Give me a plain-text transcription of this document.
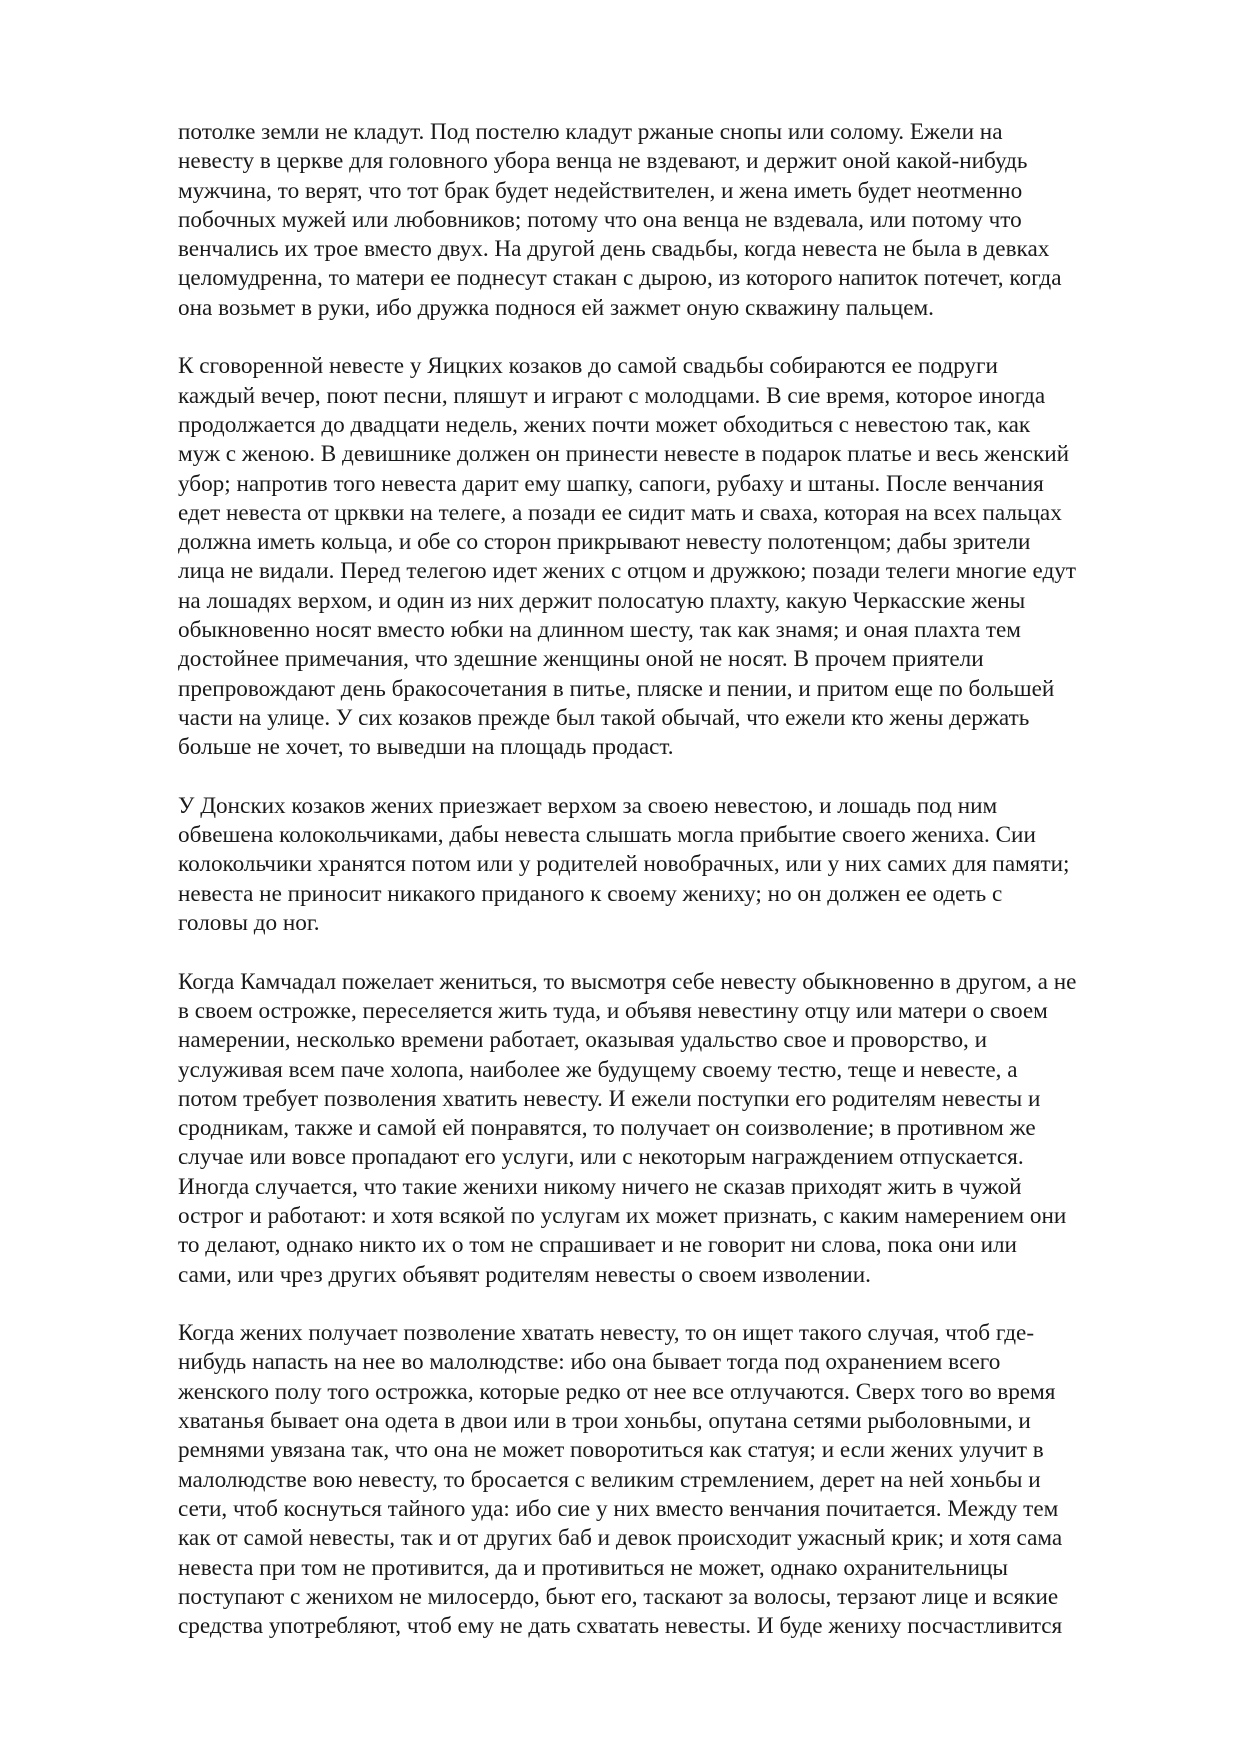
потолке земли не кладут. Под постелю кладут ржаные снопы или солому. Ежели на
невесту в церкве для головного убора венца не вздевают, и держит оной какой-нибудь
мужчина, то верят, что тот брак будет недействителен, и жена иметь будет неотменно
побочных мужей или любовников; потому что она венца не вздевала, или потому что
венчались их трое вместо двух. На другой день свадьбы, когда невеста не была в девках
целомудренна, то матери ее поднесут стакан с дырою, из которого напиток потечет, когда
она возьмет в руки, ибо дружка поднося ей зажмет оную скважину пальцем.

К сговоренной невесте у Яицких козаков до самой свадьбы собираются ее подруги
каждый вечер, поют песни, пляшут и играют с молодцами. В сие время, которое иногда
продолжается до двадцати недель, жених почти может обходиться с невестою так, как
муж с женою. В девишнике должен он принести невесте в подарок платье и весь женский
убор; напротив того невеста дарит ему шапку, сапоги, рубаху и штаны. После венчания
едет невеста от црквки на телеге, а позади ее сидит мать и сваха, которая на всех пальцах
должна иметь кольца, и обе со сторон прикрывают невесту полотенцом; дабы зрители
лица не видали. Перед телегою идет жених с отцом и дружкою; позади телеги многие едут
на лошадях верхом, и один из них держит полосатую плахту, какую Черкасские жены
обыкновенно носят вместо юбки на длинном шесту, так как знамя; и оная плахта тем
достойнее примечания, что здешние женщины оной не носят. В прочем приятели
препровождают день бракосочетания в питье, пляске и пении, и притом еще по большей
части на улице. У сих козаков прежде был такой обычай, что ежели кто жены держать
больше не хочет, то выведши на площадь продаст.

У Донских козаков жених приезжает верхом за своею невестою, и лошадь под ним
обвешена колокольчиками, дабы невеста слышать могла прибытие своего жениха. Сии
колокольчики хранятся потом или у родителей новобрачных, или у них самих для памяти;
невеста не приносит никакого приданого к своему жениху; но он должен ее одеть с
головы до ног.

Когда Камчадал пожелает жениться, то высмотря себе невесту обыкновенно в другом, а не
в своем острожке, переселяется жить туда, и объявя невестину отцу или матери о своем
намерении, несколько времени работает, оказывая удальство свое и проворство, и
услуживая всем паче холопа, наиболее же будущему своему тестю, теще и невесте, а
потом требует позволения хватить невесту. И ежели поступки его родителям невесты и
сродникам, также и самой ей понравятся, то получает он соизволение; в противном же
случае или вовсе пропадают его услуги, или с некоторым награждением отпускается.
Иногда случается, что такие женихи никому ничего не сказав приходят жить в чужой
острог и работают: и хотя всякой по услугам их может признать, с каким намерением они
то делают, однако никто их о том не спрашивает и не говорит ни слова, пока они или
сами, или чрез других объявят родителям невесты о своем изволении.

Когда жених получает позволение хватать невесту, то он ищет такого случая, чтоб где-
нибудь напасть на нее во малолюдстве: ибо она бывает тогда под охранением всего
женского полу того острожка, которые редко от нее все отлучаются. Сверх того во время
хватанья бывает она одета в двои или в трои хоньбы, опутана сетями рыболовными, и
ремнями увязана так, что она не может поворотиться как статуя; и если жених улучит в
малолюдстве вою невесту, то бросается с великим стремлением, дерет на ней хоньбы и
сети, чтоб коснуться тайного уда: ибо сие у них вместо венчания почитается. Между тем
как от самой невесты, так и от других баб и девок происходит ужасный крик; и хотя сама
невеста при том не противится, да и противиться не может, однако охранительницы
поступают с женихом не милосердо, бьют его, таскают за волосы, терзают лице и всякие
средства употребляют, чтоб ему не дать схватать невесты. И буде жениху посчастливится
